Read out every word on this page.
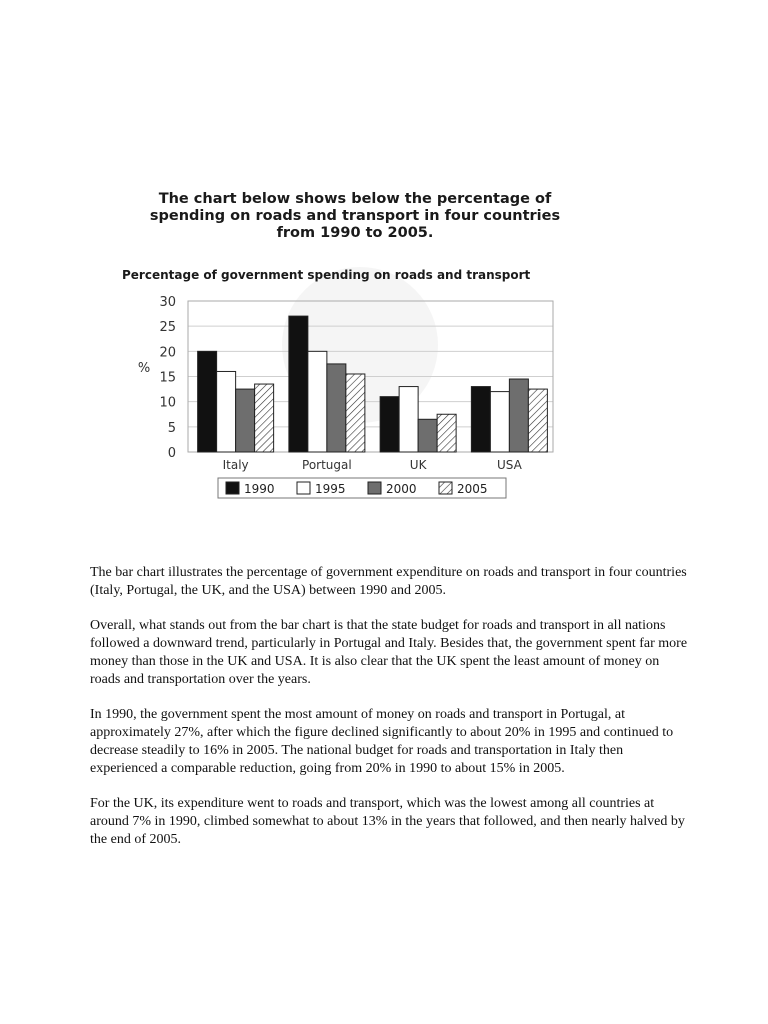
The chart below shows below the percentage of
spending on roads and transport in four countries
from 1990 to 2005.
Percentage of government spending on roads and transport
%
0
5
10
15
20
25
30
Italy	Portugal	UK	USA
1990	1995	2000	2005

The bar chart illustrates the percentage of government expenditure on roads and transport in four countries (Italy, Portugal, the UK, and the USA) between 1990 and 2005.

Overall, what stands out from the bar chart is that the state budget for roads and transport in all nations followed a downward trend, particularly in Portugal and Italy. Besides that, the government spent far more money than those in the UK and USA. It is also clear that the UK spent the least amount of money on roads and transportation over the years.

In 1990, the government spent the most amount of money on roads and transport in Portugal, at approximately 27%, after which the figure declined significantly to about 20% in 1995 and continued to decrease steadily to 16% in 2005. The national budget for roads and transportation in Italy then experienced a comparable reduction, going from 20% in 1990 to about 15% in 2005.

For the UK, its expenditure went to roads and transport, which was the lowest among all countries at around 7% in 1990, climbed somewhat to about 13% in the years that followed, and then nearly halved by the end of 2005.
